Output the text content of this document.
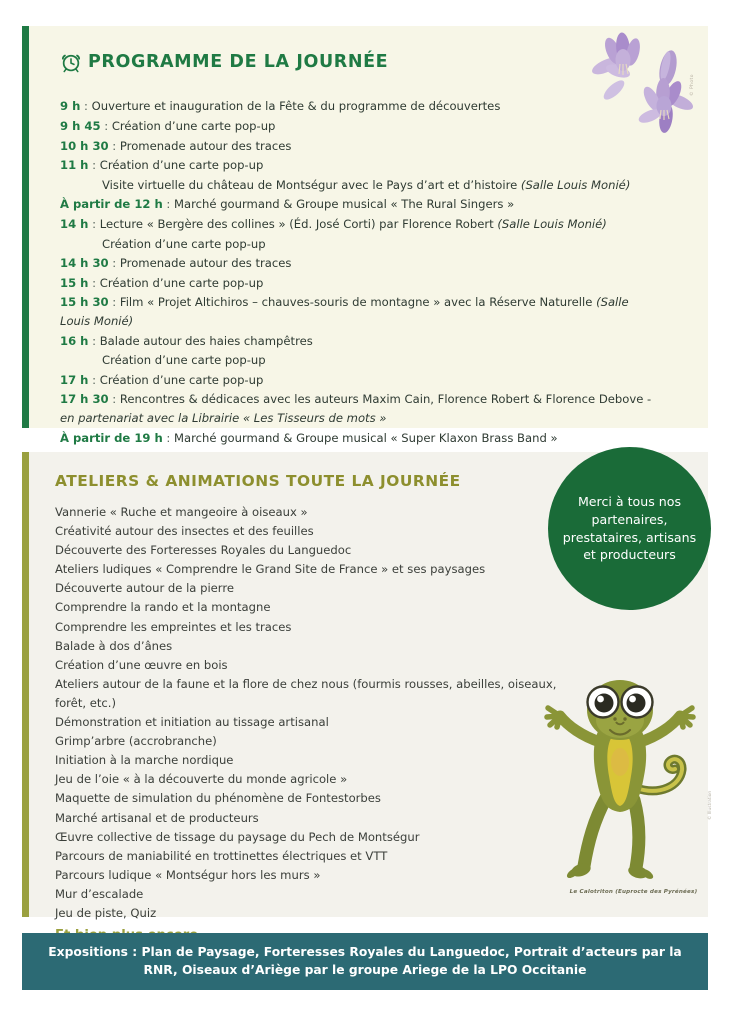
PROGRAMME DE LA JOURNÉE
9 h : Ouverture et inauguration de la Fête & du programme de découvertes
9 h 45 : Création d’une carte pop-up
10 h 30 : Promenade autour des traces
11 h : Création d’une carte pop-up
Visite virtuelle du château de Montségur avec le Pays d’art et d’histoire (Salle Louis Monié)
À partir de 12 h : Marché gourmand & Groupe musical « The Rural Singers »
14 h : Lecture « Bergère des collines » (Éd. José Corti) par Florence Robert (Salle Louis Monié)
Création d’une carte pop-up
14 h 30 : Promenade autour des traces
15 h : Création d’une carte pop-up
15 h 30 : Film « Projet Altichiros – chauves-souris de montagne » avec la Réserve Naturelle (Salle Louis Monié)
16 h : Balade autour des haies champêtres
Création d’une carte pop-up
17 h : Création d’une carte pop-up
17 h 30 : Rencontres & dédicaces avec les auteurs Maxim Cain, Florence Robert & Florence Debove - en partenariat avec la Librairie « Les Tisseurs de mots »
À partir de 19 h : Marché gourmand & Groupe musical « Super Klaxon Brass Band »
© Photo
ATELIERS & ANIMATIONS TOUTE LA JOURNÉE
Vannerie « Ruche et mangeoire à oiseaux »
Créativité autour des insectes et des feuilles
Découverte des Forteresses Royales du Languedoc
Ateliers ludiques « Comprendre le Grand Site de France » et ses paysages
Découverte autour de la pierre
Comprendre la rando et la montagne
Comprendre les empreintes et les traces
Balade à dos d’ânes
Création d’une œuvre en bois
Ateliers autour de la faune et la flore de chez nous (fourmis rousses, abeilles, oiseaux, forêt, etc.)
Démonstration et initiation au tissage artisanal
Grimp’arbre (accrobranche)
Initiation à la marche nordique
Jeu de l’oie « à la découverte du monde agricole »
Maquette de simulation du phénomène de Fontestorbes
Marché artisanal et de producteurs
Œuvre collective de tissage du paysage du Pech de Montségur
Parcours de maniabilité en trottinettes électriques et VTT
Parcours ludique « Montségur hors les murs »
Mur d’escalade
Jeu de piste, Quiz
Merci à tous nos partenaires, prestataires, artisans et producteurs
Le Calotriton (Euprocte des Pyrénées)
© Illustration
Expositions : Plan de Paysage, Forteresses Royales du Languedoc, Portrait d’acteurs par la RNR, Oiseaux d’Ariège par le groupe Ariege de la LPO Occitanie
